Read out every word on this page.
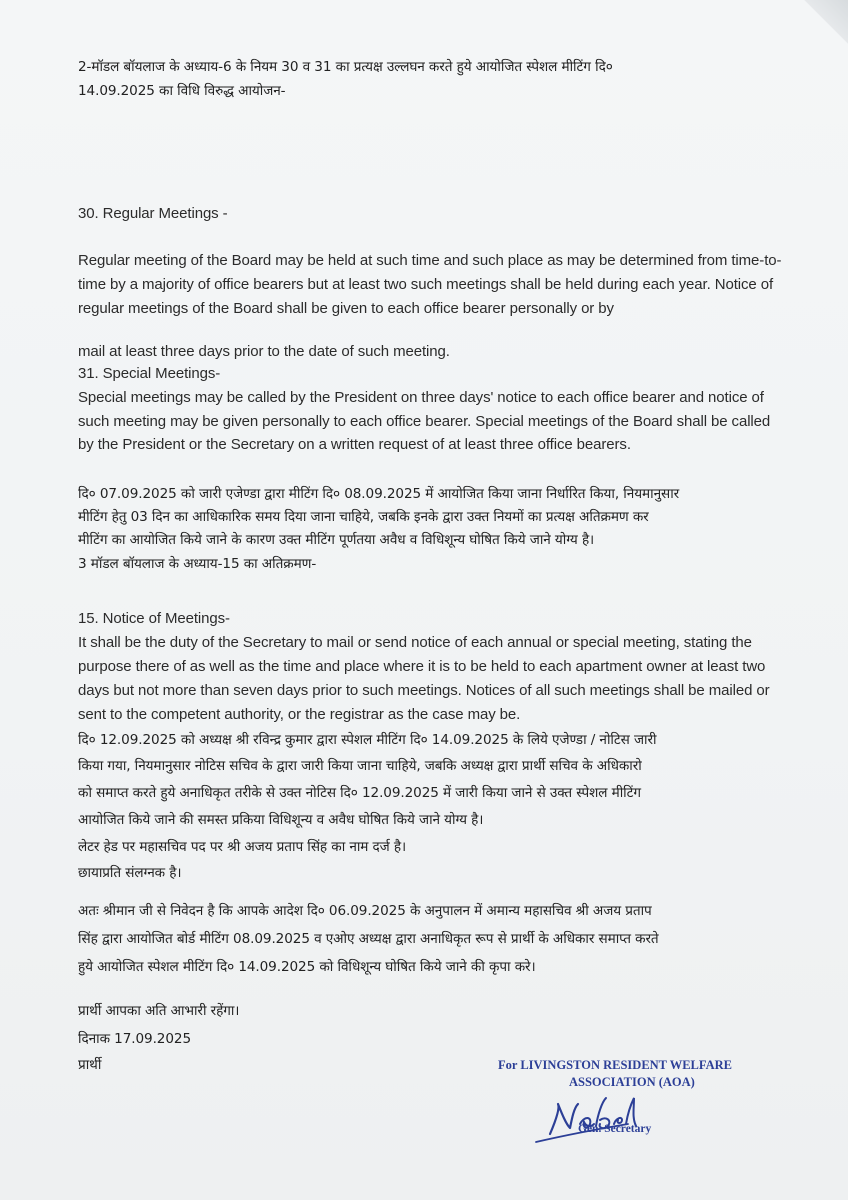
2-मॉडल बॉयलाज के अध्याय-6 के नियम 30 व 31 का प्रत्यक्ष उल्लघन करते हुये आयोजित स्पेशल मीटिंग दि०
14.09.2025 का विधि विरुद्ध आयोजन-
30. Regular Meetings -
Regular meeting of the Board may be held at such time and such place as may be determined from time-to-
time by a majority of office bearers but at least two such meetings shall be held during each year. Notice of
regular meetings of the Board shall be given to each office bearer personally or by
mail at least three days prior to the date of such meeting.
31. Special Meetings-
Special meetings may be called by the President on three days' notice to each office bearer and notice of
such meeting may be given personally to each office bearer. Special meetings of the Board shall be called
by the President or the Secretary on a written request of at least three office bearers.
दि० 07.09.2025 को जारी एजेण्डा द्वारा मीटिंग दि० 08.09.2025 में आयोजित किया जाना निर्धारित किया, नियमानुसार
मीटिंग हेतु 03 दिन का आधिकारिक समय दिया जाना चाहिये, जबकि इनके द्वारा उक्त नियमों का प्रत्यक्ष अतिक्रमण कर
मीटिंग का आयोजित किये जाने के कारण उक्त मीटिंग पूर्णतया अवैध व विधिशून्य घोषित किये जाने योग्य है।
3 मॉडल बॉयलाज के अध्याय-15 का अतिक्रमण-
15. Notice of Meetings-
It shall be the duty of the Secretary to mail or send notice of each annual or special meeting, stating the
purpose there of as well as the time and place where it is to be held to each apartment owner at least two
days but not more than seven days prior to such meetings. Notices of all such meetings shall be mailed or
sent to the competent authority, or the registrar as the case may be.
दि० 12.09.2025 को अध्यक्ष श्री रविन्द्र कुमार द्वारा स्पेशल मीटिंग दि० 14.09.2025 के लिये एजेण्डा / नोटिस जारी
किया गया, नियमानुसार नोटिस सचिव के द्वारा जारी किया जाना चाहिये, जबकि अध्यक्ष द्वारा प्रार्थी सचिव के अधिकारो
को समाप्त करते हुये अनाधिकृत तरीके से उक्त नोटिस दि० 12.09.2025 में जारी किया जाने से उक्त स्पेशल मीटिंग
आयोजित किये जाने की समस्त प्रकिया विधिशून्य व अवैध घोषित किये जाने योग्य है।
लेटर हेड पर महासचिव पद पर श्री अजय प्रताप सिंह का नाम दर्ज है।
छायाप्रति संलग्नक है।
अतः श्रीमान जी से निवेदन है कि आपके आदेश दि० 06.09.2025 के अनुपालन में अमान्य महासचिव श्री अजय प्रताप
सिंह द्वारा आयोजित बोर्ड मीटिंग 08.09.2025 व एओए अध्यक्ष द्वारा अनाधिकृत रूप से प्रार्थी के अधिकार समाप्त करते
हुये आयोजित स्पेशल मीटिंग दि० 14.09.2025 को विधिशून्य घोषित किये जाने की कृपा करे।
प्रार्थी आपका अति आभारी रहेंगा।
दिनाक 17.09.2025
प्रार्थी	For LIVINGSTON RESIDENT WELFARE
ASSOCIATION (AOA)
Gen. Secretary
